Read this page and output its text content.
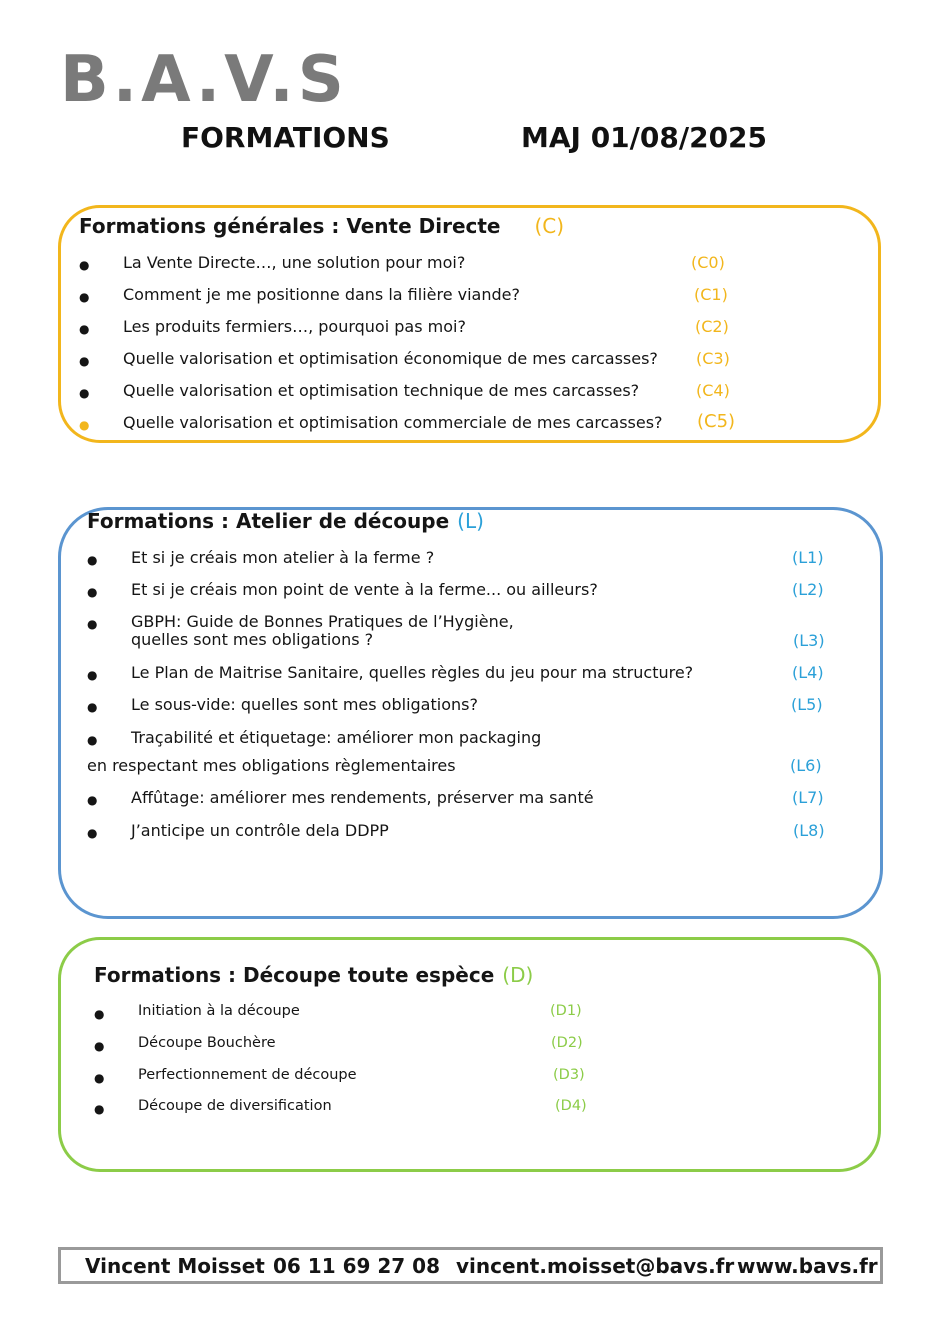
B.A.V.S
FORMATIONS	MAJ 01/08/2025
Formations générales : Vente Directe (C)
● La Vente Directe…, une solution pour moi?	(C0)
● Comment je me positionne dans la filière viande?	(C1)
● Les produits fermiers…, pourquoi pas moi?	(C2)
● Quelle valorisation et optimisation économique de mes carcasses? (C3)
● Quelle valorisation et optimisation technique de mes carcasses?	(C4)
● Quelle valorisation et optimisation commerciale de mes carcasses? (C5)
Formations : Atelier de découpe (L)
● Et si je créais mon atelier à la ferme ?	(L1)
● Et si je créais mon point de vente à la ferme... ou ailleurs?	(L2)
● GBPH: Guide de Bonnes Pratiques de l’Hygiène,
quelles sont mes obligations ?	(L3)
● Le Plan de Maitrise Sanitaire, quelles règles du jeu pour ma structure?	(L4)
● Le sous-vide: quelles sont mes obligations?	(L5)
● Traçabilité et étiquetage: améliorer mon packaging
en respectant mes obligations règlementaires	(L6)
● Affûtage: améliorer mes rendements, préserver ma santé	(L7)
● J’anticipe un contrôle dela DDPP	(L8)
Formations : Découpe toute espèce (D)
● Initiation à la découpe	(D1)
● Découpe Bouchère	(D2)
● Perfectionnement de découpe	(D3)
● Découpe de diversification	(D4)
Vincent Moisset 06 11 69 27 08 vincent.moisset@bavs.fr www.bavs.fr
